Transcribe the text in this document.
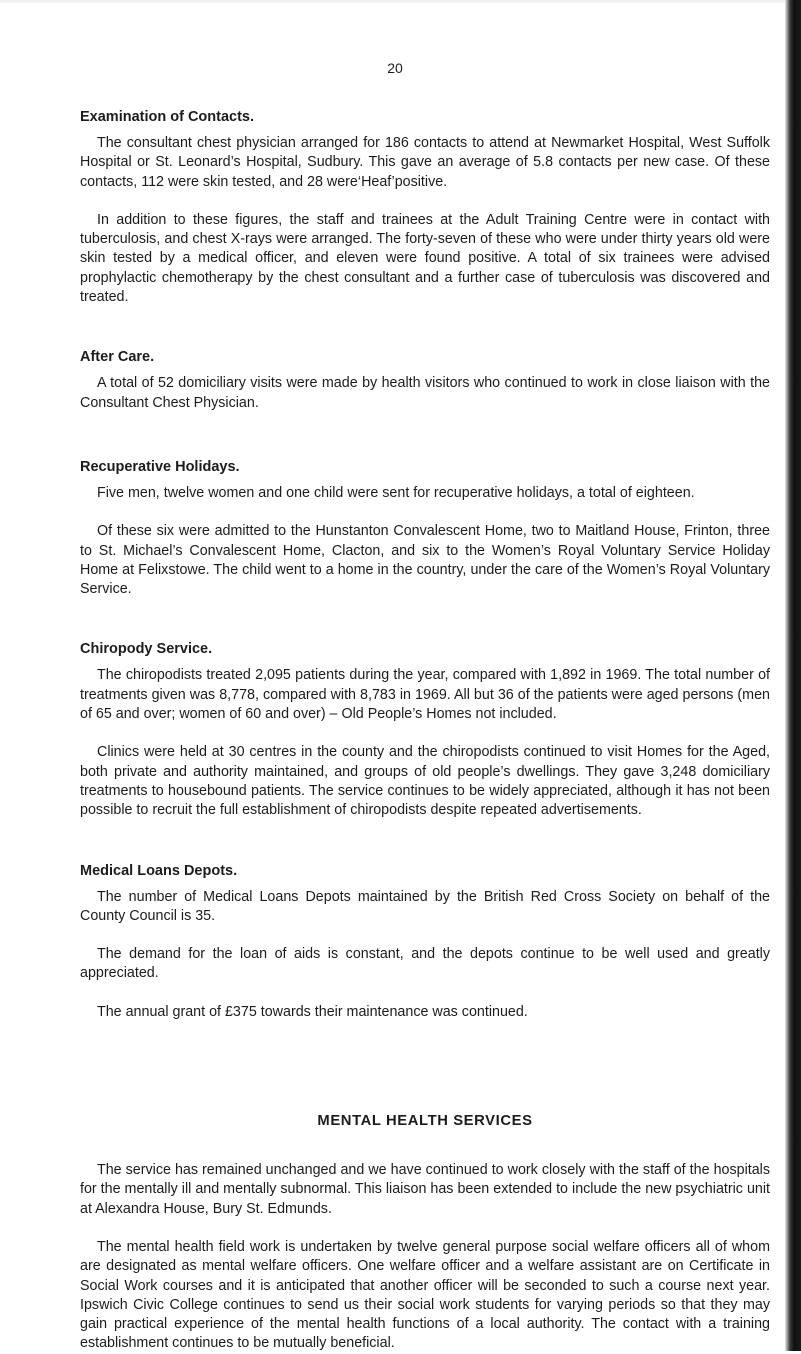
20
Examination of Contacts.

The consultant chest physician arranged for 186 contacts to attend at Newmarket Hospital, West Suffolk Hospital or St. Leonard’s Hospital, Sudbury. This gave an average of 5.8 contacts per new case. Of these contacts, 112 were skin tested, and 28 were‘Heaf’positive.

In addition to these figures, the staff and trainees at the Adult Training Centre were in contact with tuberculosis, and chest X-rays were arranged. The forty-seven of these who were under thirty years old were skin tested by a medical officer, and eleven were found positive. A total of six trainees were advised prophylactic chemotherapy by the chest consultant and a further case of tuberculosis was discovered and treated.

After Care.

A total of 52 domiciliary visits were made by health visitors who continued to work in close liaison with the Consultant Chest Physician.

Recuperative Holidays.

Five men, twelve women and one child were sent for recuperative holidays, a total of eighteen.

Of these six were admitted to the Hunstanton Convalescent Home, two to Maitland House, Frinton, three to St. Michael’s Convalescent Home, Clacton, and six to the Women’s Royal Voluntary Service Holiday Home at Felixstowe. The child went to a home in the country, under the care of the Women’s Royal Voluntary Service.

Chiropody Service.

The chiropodists treated 2,095 patients during the year, compared with 1,892 in 1969. The total number of treatments given was 8,778, compared with 8,783 in 1969. All but 36 of the patients were aged persons (men of 65 and over; women of 60 and over) – Old People’s Homes not included.

Clinics were held at 30 centres in the county and the chiropodists continued to visit Homes for the Aged, both private and authority maintained, and groups of old people’s dwellings. They gave 3,248 domiciliary treatments to housebound patients. The service continues to be widely appreciated, although it has not been possible to recruit the full establishment of chiropodists despite repeated advertisements.

Medical Loans Depots.

The number of Medical Loans Depots maintained by the British Red Cross Society on behalf of the County Council is 35.

The demand for the loan of aids is constant, and the depots continue to be well used and greatly appreciated.

The annual grant of £375 towards their maintenance was continued.

MENTAL HEALTH SERVICES

The service has remained unchanged and we have continued to work closely with the staff of the hospitals for the mentally ill and mentally subnormal. This liaison has been extended to include the new psychiatric unit at Alexandra House, Bury St. Edmunds.

The mental health field work is undertaken by twelve general purpose social welfare officers all of whom are designated as mental welfare officers. One welfare officer and a welfare assistant are on Certificate in Social Work courses and it is anticipated that another officer will be seconded to such a course next year. Ipswich Civic College continues to send us their social work students for varying periods so that they may gain practical experience of the mental health functions of a local authority. The contact with a training establishment continues to be mutually beneficial.
